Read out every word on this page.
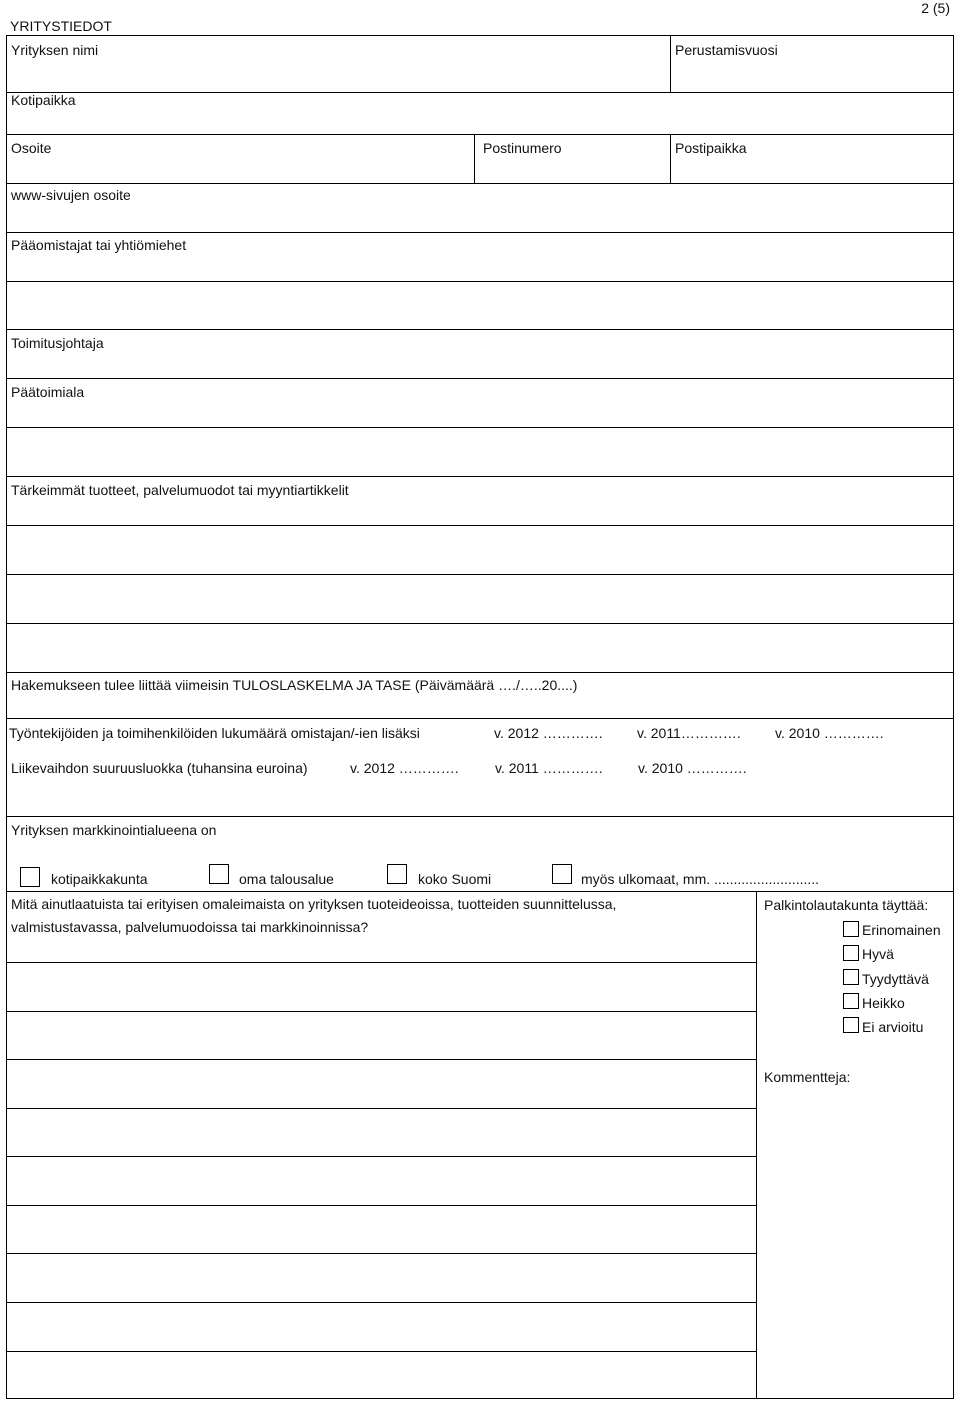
YRITYSTIEDOT
2 (5)
Yrityksen nimi	Perustamisvuosi
Kotipaikka
Osoite	Postinumero	Postipaikka
www-sivujen osoite
Pääomistajat tai yhtiömiehet
Toimitusjohtaja
Päätoimiala
Tärkeimmät tuotteet, palvelumuodot tai myyntiartikkelit
Hakemukseen tulee liittää viimeisin TULOSLASKELMA JA TASE (Päivämäärä …./…..20....)
Työntekijöiden ja toimihenkilöiden lukumäärä omistajan/-ien lisäksi	v. 2012 …………. v. 2011…………. v. 2010 ………….
Liikevaihdon suuruusluokka (tuhansina euroina)	v. 2012 ………….	v. 2011 ………….	v. 2010 ………….
Yrityksen markkinointialueena on
kotipaikkakunta	oma talousalue	koko Suomi	myös ulkomaat, mm. ...........................
Mitä ainutlaatuista tai erityisen omaleimaista on yrityksen tuoteideoissa, tuotteiden suunnittelussa,
valmistustavassa, palvelumuodoissa tai markkinoinnissa?
Palkintolautakunta täyttää:
Erinomainen
Hyvä
Tyydyttävä
Heikko
Ei arvioitu
Kommentteja:
